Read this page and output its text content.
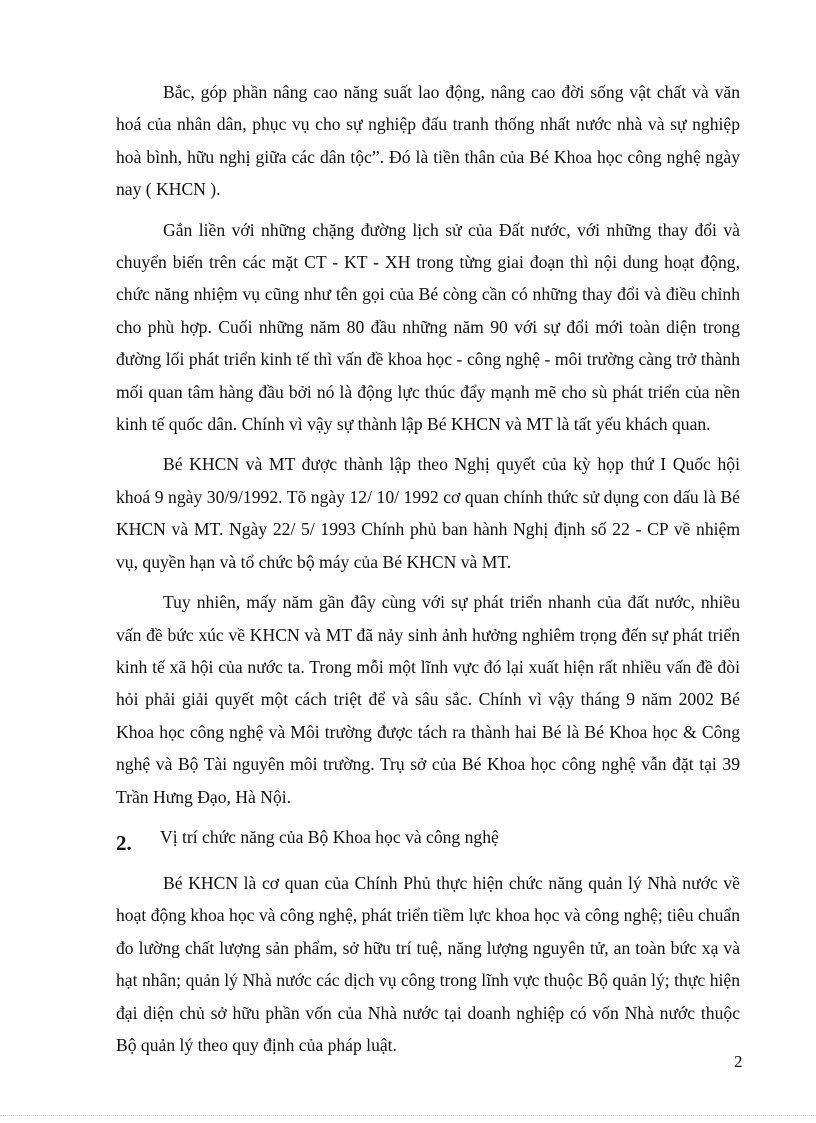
Bắc, góp phần nâng cao năng suất lao động, nâng cao đời sống vật chất và văn hoá của nhân dân, phục vụ cho sự nghiệp đấu tranh thống nhất nước nhà và sự nghiệp hoà bình, hữu nghị giữa các dân tộc”. Đó là tiền thân của Bé Khoa học công nghệ ngày nay ( KHCN ).

Gắn liền với những chặng đường lịch sử của Đất nước, với những thay đổi và chuyển biến trên các mặt CT - KT - XH trong từng giai đoạn thì nội dung hoạt động, chức năng nhiệm vụ cũng như tên gọi của Bé còng cần có những thay đổi và điều chỉnh cho phù hợp. Cuối những năm 80 đầu những năm 90 với sự đổi mới toàn diện trong đường lối phát triển kinh tế thì vấn đề khoa học - công nghệ - môi trường càng trở thành mối quan tâm hàng đầu bởi nó là động lực thúc đẩy mạnh mẽ cho sù phát triển của nền kinh tế quốc dân. Chính vì vậy sự thành lập Bé KHCN và MT là tất yếu khách quan.

Bé KHCN và MT được thành lập theo Nghị quyết của kỳ họp thứ I Quốc hội khoá 9 ngày 30/9/1992. Tõ ngày 12/ 10/ 1992 cơ quan chính thức sử dụng con dấu là Bé KHCN và MT. Ngày 22/ 5/ 1993 Chính phủ ban hành Nghị định số 22 - CP về nhiệm vụ, quyền hạn và tổ chức bộ máy của Bé KHCN và MT.

Tuy nhiên, mấy năm gần đây cùng với sự phát triển nhanh của đất nước, nhiều vấn đề bức xúc về KHCN và MT đã nảy sinh ảnh hưởng nghiêm trọng đến sự phát triển kinh tế xã hội của nước ta. Trong mỗi một lĩnh vực đó lại xuất hiện rất nhiều vấn đề đòi hỏi phải giải quyết một cách triệt để và sâu sắc. Chính vì vậy tháng 9 năm 2002 Bé Khoa học công nghệ và Môi trường được tách ra thành hai Bé là Bé Khoa học & Công nghệ và Bộ Tài nguyên môi trường. Trụ sở của Bé Khoa học công nghệ vẫn đặt tại 39 Trần Hưng Đạo, Hà Nội.

2. Vị trí chức năng của Bộ Khoa học và công nghệ

Bé KHCN là cơ quan của Chính Phủ thực hiện chức năng quản lý Nhà nước về hoạt động khoa học và công nghệ, phát triển tiềm lực khoa học và công nghệ; tiêu chuẩn đo lường chất lượng sản phẩm, sở hữu trí tuệ, năng lượng nguyên tử, an toàn bức xạ và hạt nhân; quản lý Nhà nước các dịch vụ công trong lĩnh vực thuộc Bộ quản lý; thực hiện đại diện chủ sở hữu phần vốn của Nhà nước tại doanh nghiệp có vốn Nhà nước thuộc Bộ quản lý theo quy định của pháp luật.

2
